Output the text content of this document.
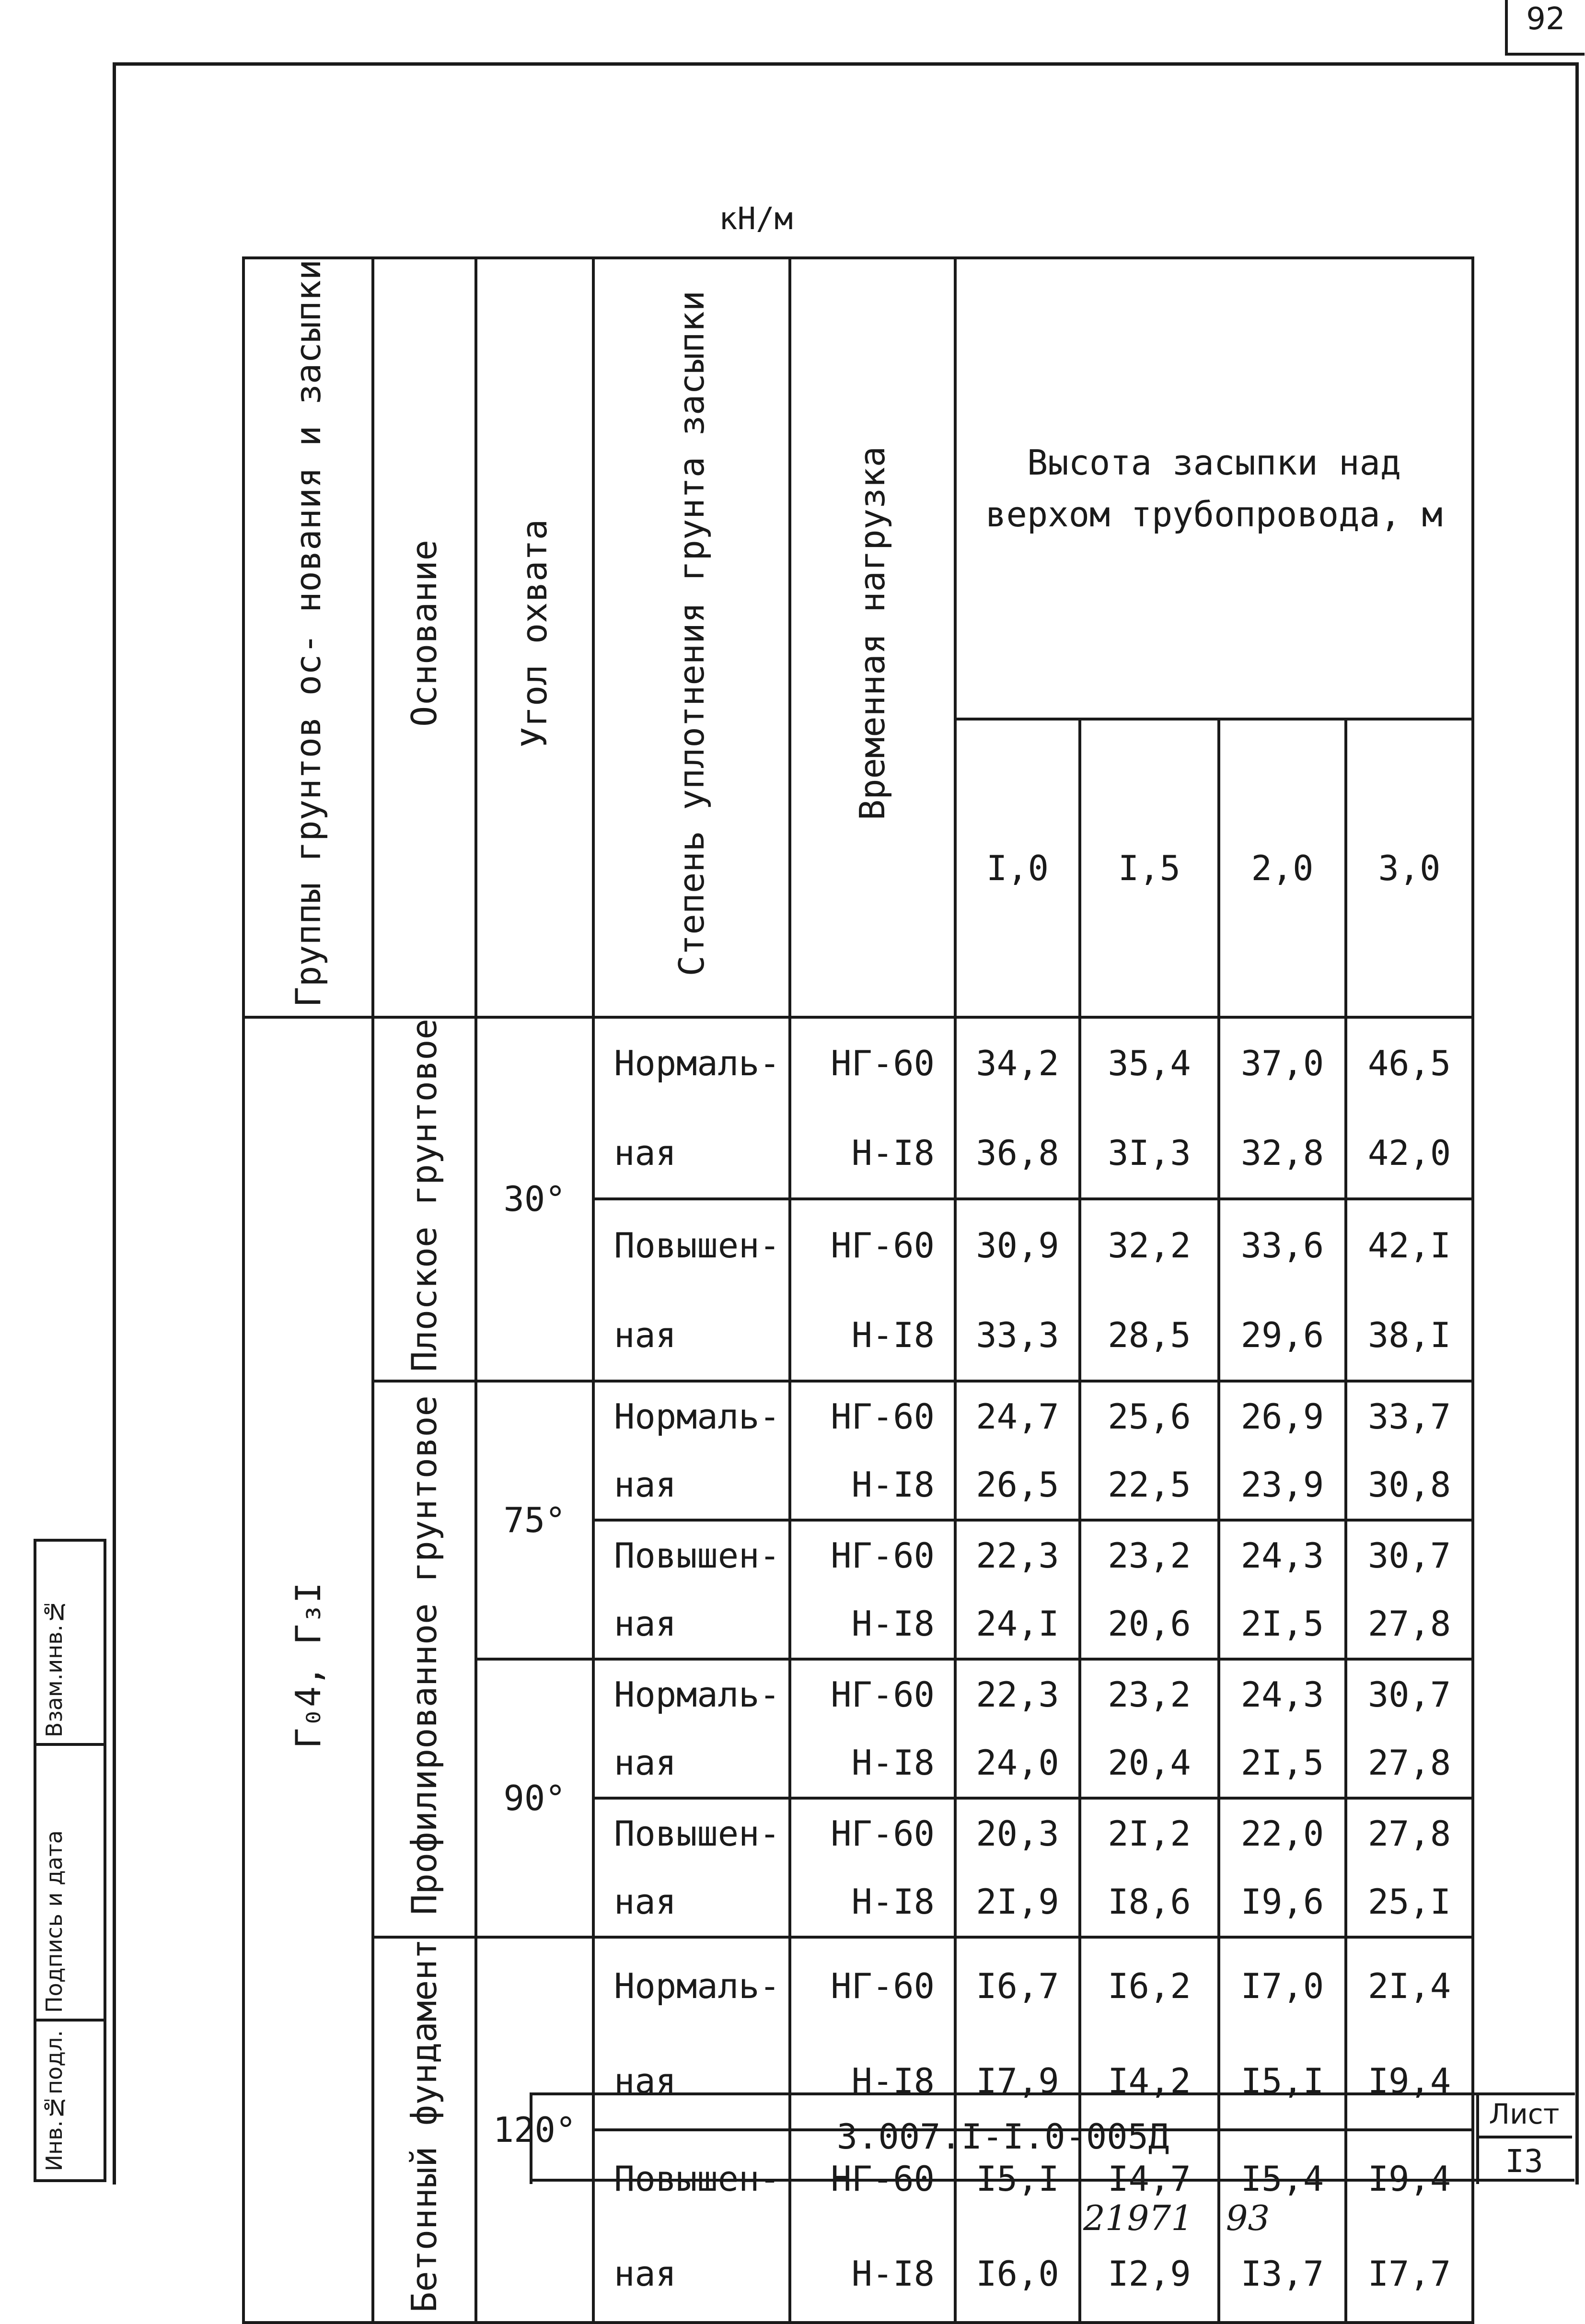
92
кН/м
Группы грунтов ос- нования и засыпки	Основание	Угол охвата	Степень уплотнения грунта засыпки	Временная нагрузка	Высота засыпки над верхом трубопровода, м			
					I,0	I,5	2,0	3,0
Г₀4, Г₃I	Плоское грунтовое	30°	Нормаль-	НГ-60	34,2	35,4	37,0	46,5
			ная	Н-I8	36,8	3I,3	32,8	42,0
			Повышен-	НГ-60	30,9	32,2	33,6	42,I
			ная	Н-I8	33,3	28,5	29,6	38,I
	Профилированное грунтовое	75°	Нормаль-	НГ-60	24,7	25,6	26,9	33,7
			ная	Н-I8	26,5	22,5	23,9	30,8
			Повышен-	НГ-60	22,3	23,2	24,3	30,7
			ная	Н-I8	24,I	20,6	2I,5	27,8
		90°	Нормаль-	НГ-60	22,3	23,2	24,3	30,7
			ная	Н-I8	24,0	20,4	2I,5	27,8
			Повышен-	НГ-60	20,3	2I,2	22,0	27,8
			ная	Н-I8	2I,9	I8,6	I9,6	25,I
	Бетонный фундамент	120°	Нормаль-	НГ-60	I6,7	I6,2	I7,0	2I,4
			ная	Н-I8	I7,9	I4,2	I5,I	I9,4
			Повышен-	НГ-60	I5,I	I4,7	I5,4	I9,4
			ная	Н-I8	I6,0	I2,9	I3,7	I7,7
Взам.инв.№
Подпись и дата
Инв.№подл.	3.007.I-I.0-005Д
Лист
I3
21971   93
